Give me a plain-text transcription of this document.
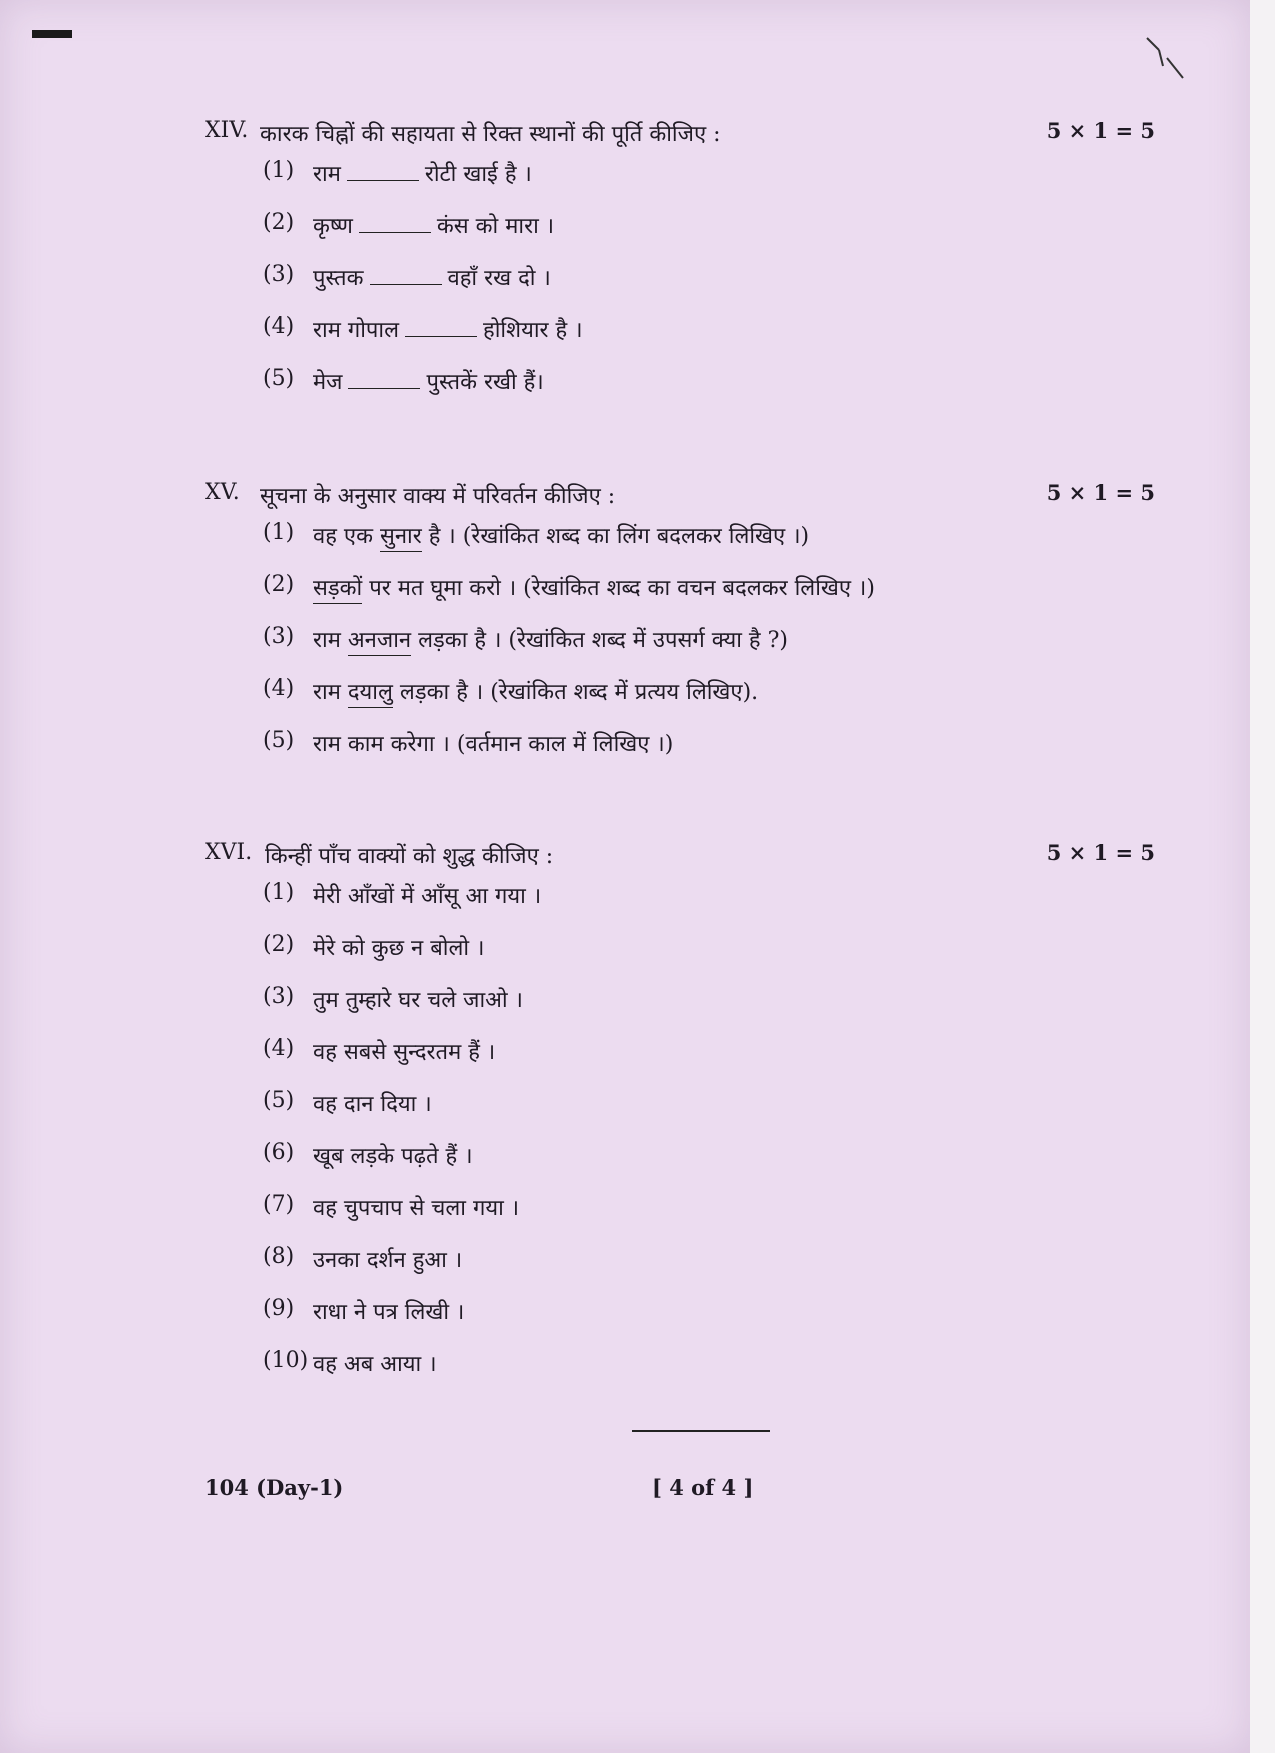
XIV. कारक चिह्नों की सहायता से रिक्त स्थानों की पूर्ति कीजिए :	5 × 1 = 5
(1) राम	रोटी खाई है ।
(2) कृष्ण	कंस को मारा ।
(3) पुस्तक	वहाँ रख दो ।
(4) राम गोपाल	होशियार है ।
(5) मेज	पुस्तकें रखी हैं।
XV. सूचना के अनुसार वाक्य में परिवर्तन कीजिए :	5 × 1 = 5
(1) वह एक सुनार है । (रेखांकित शब्द का लिंग बदलकर लिखिए ।)
(2) सड़कों पर मत घूमा करो । (रेखांकित शब्द का वचन बदलकर लिखिए ।)
(3) राम अनजान लड़का है । (रेखांकित शब्द में उपसर्ग क्या है ?)
(4) राम दयालु लड़का है । (रेखांकित शब्द में प्रत्यय लिखिए).
(5) राम काम करेगा । (वर्तमान काल में लिखिए ।)
XVI. किन्हीं पाँच वाक्यों को शुद्ध कीजिए :	5 × 1 = 5
(1) मेरी आँखों में आँसू आ गया ।
(2) मेरे को कुछ न बोलो ।
(3) तुम तुम्हारे घर चले जाओ ।
(4) वह सबसे सुन्दरतम हैं ।
(5) वह दान दिया ।
(6) खूब लड़के पढ़ते हैं ।
(7) वह चुपचाप से चला गया ।
(8) उनका दर्शन हुआ ।
(9) राधा ने पत्र लिखी ।
(10) वह अब आया ।
104 (Day-1)	[ 4 of 4 ]
